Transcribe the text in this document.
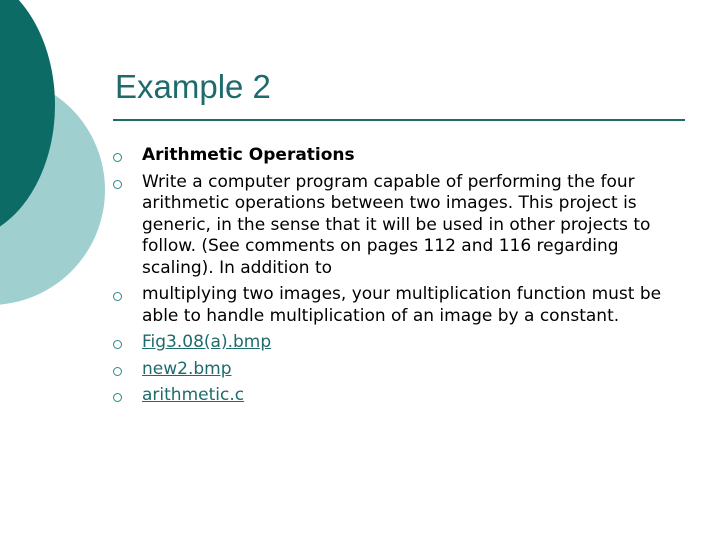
Example 2
Arithmetic Operations
Write a computer program capable of performing the four arithmetic operations between two images. This project is generic, in the sense that it will be used in other projects to follow. (See comments on pages 112 and 116 regarding scaling). In addition to
multiplying two images, your multiplication function must be able to handle multiplication of an image by a constant.
Fig3.08(a).bmp
new2.bmp
arithmetic.c
